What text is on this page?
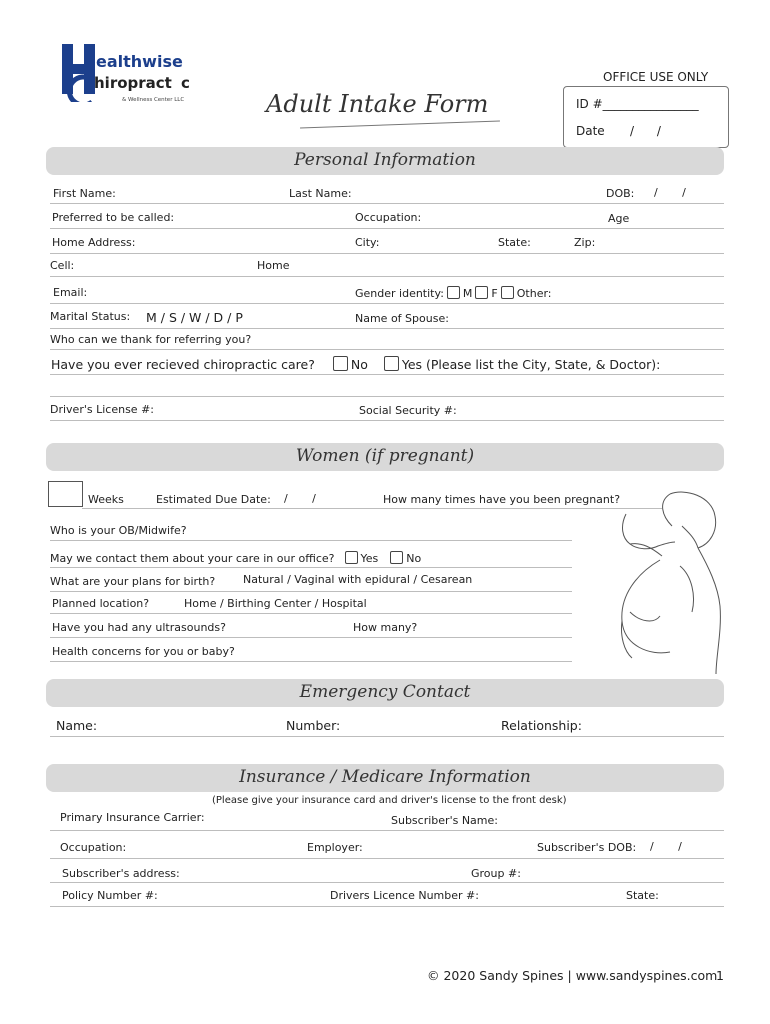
ealthwise
hiropract c
& Wellness Center LLC	Adult Intake Form
OFFICE USE ONLY
ID #________________
Date /      /
Personal Information
First Name:	Last Name:	DOB: /       /
Preferred to be called:	Occupation:	Age
Home Address:	City:	State:	Zip:
Cell:	Home
Email:	Gender identity: M F Other:
Marital Status: M / S / W / D / P	Name of Spouse:
Who can we thank for referring you?
Have you ever recieved chiropractic care?	No	Yes (Please list the City, State, & Doctor):
Driver's License #:	Social Security #:
Women (if pregnant)
Weeks	Estimated Due Date: /       /	How many times have you been pregnant?
Who is your OB/Midwife?
May we contact them about your care in our office? Yes	No
What are your plans for birth?	Natural / Vaginal with epidural / Cesarean
Planned location?	Home / Birthing Center / Hospital
Have you had any ultrasounds?	How many?
Health concerns for you or baby?
Emergency Contact
Name:	Number:	Relationship:
Insurance / Medicare Information
(Please give your insurance card and driver's license to the front desk)
Primary Insurance Carrier:	Subscriber's Name:
Occupation:	Employer:	Subscriber's DOB: /       /
Subscriber's address:	Group #:
Policy Number #:	Drivers Licence Number #:	State:
© 2020 Sandy Spines | www.sandyspines.com
1
